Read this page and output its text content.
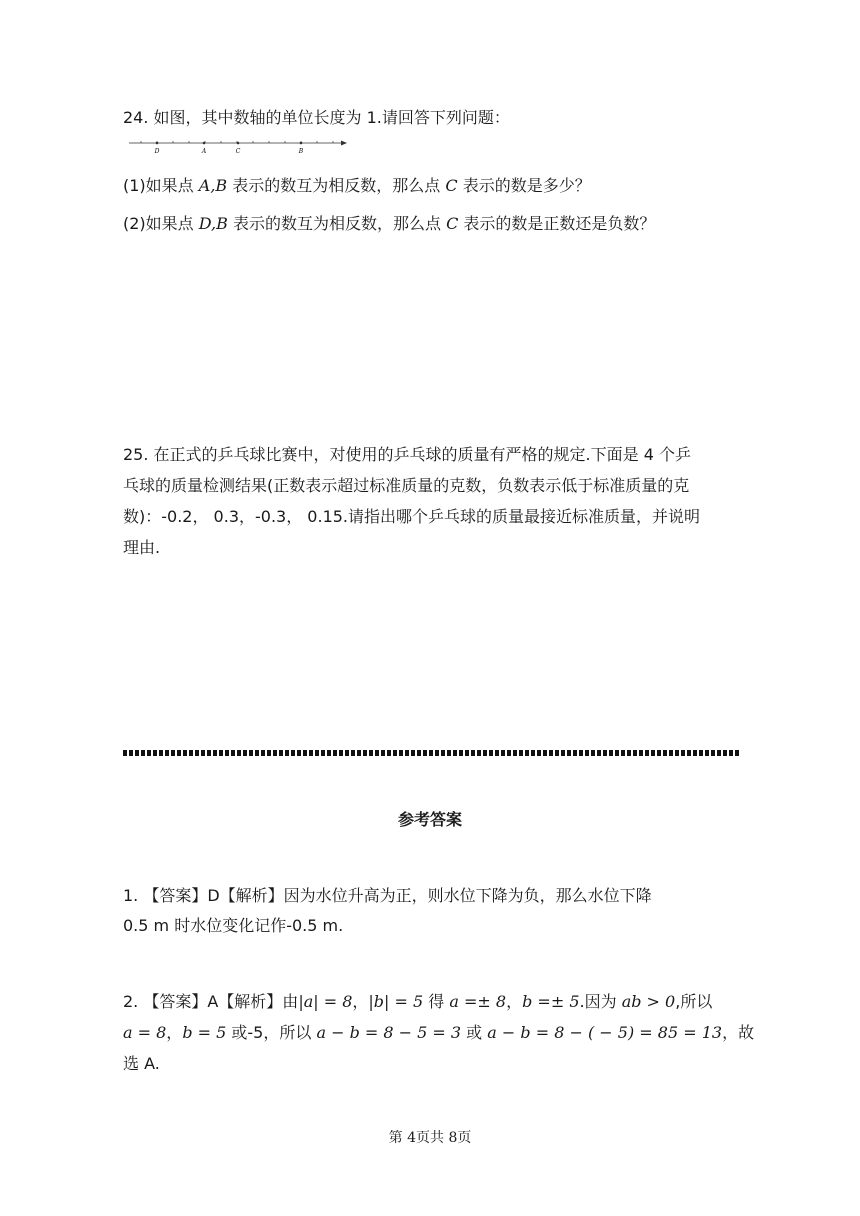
24. 如图，其中数轴的单位长度为 1.请回答下列问题：
D	A	C	B
(1)如果点 A,B 表示的数互为相反数，那么点 C 表示的数是多少？
(2)如果点 D,B 表示的数互为相反数，那么点 C 表示的数是正数还是负数？
25. 在正式的乒乓球比赛中，对使用的乒乓球的质量有严格的规定.下面是 4 个乒
乓球的质量检测结果(正数表示超过标准质量的克数，负数表示低于标准质量的克
数)：-0.2， 0.3，-0.3， 0.15.请指出哪个乒乓球的质量最接近标准质量，并说明
理由.
参考答案
1. 【答案】D【解析】因为水位升高为正，则水位下降为负，那么水位下降
0.5 m 时水位变化记作-0.5 m.
2. 【答案】A【解析】由|a| = 8，|b| = 5 得 a =± 8，b =± 5.因为 ab > 0,所以
a = 8，b = 5 或-5，所以 a − b = 8 − 5 = 3 或 a − b = 8 − ( − 5) = 85 = 13，故
选 A.
第 4页共 8页
